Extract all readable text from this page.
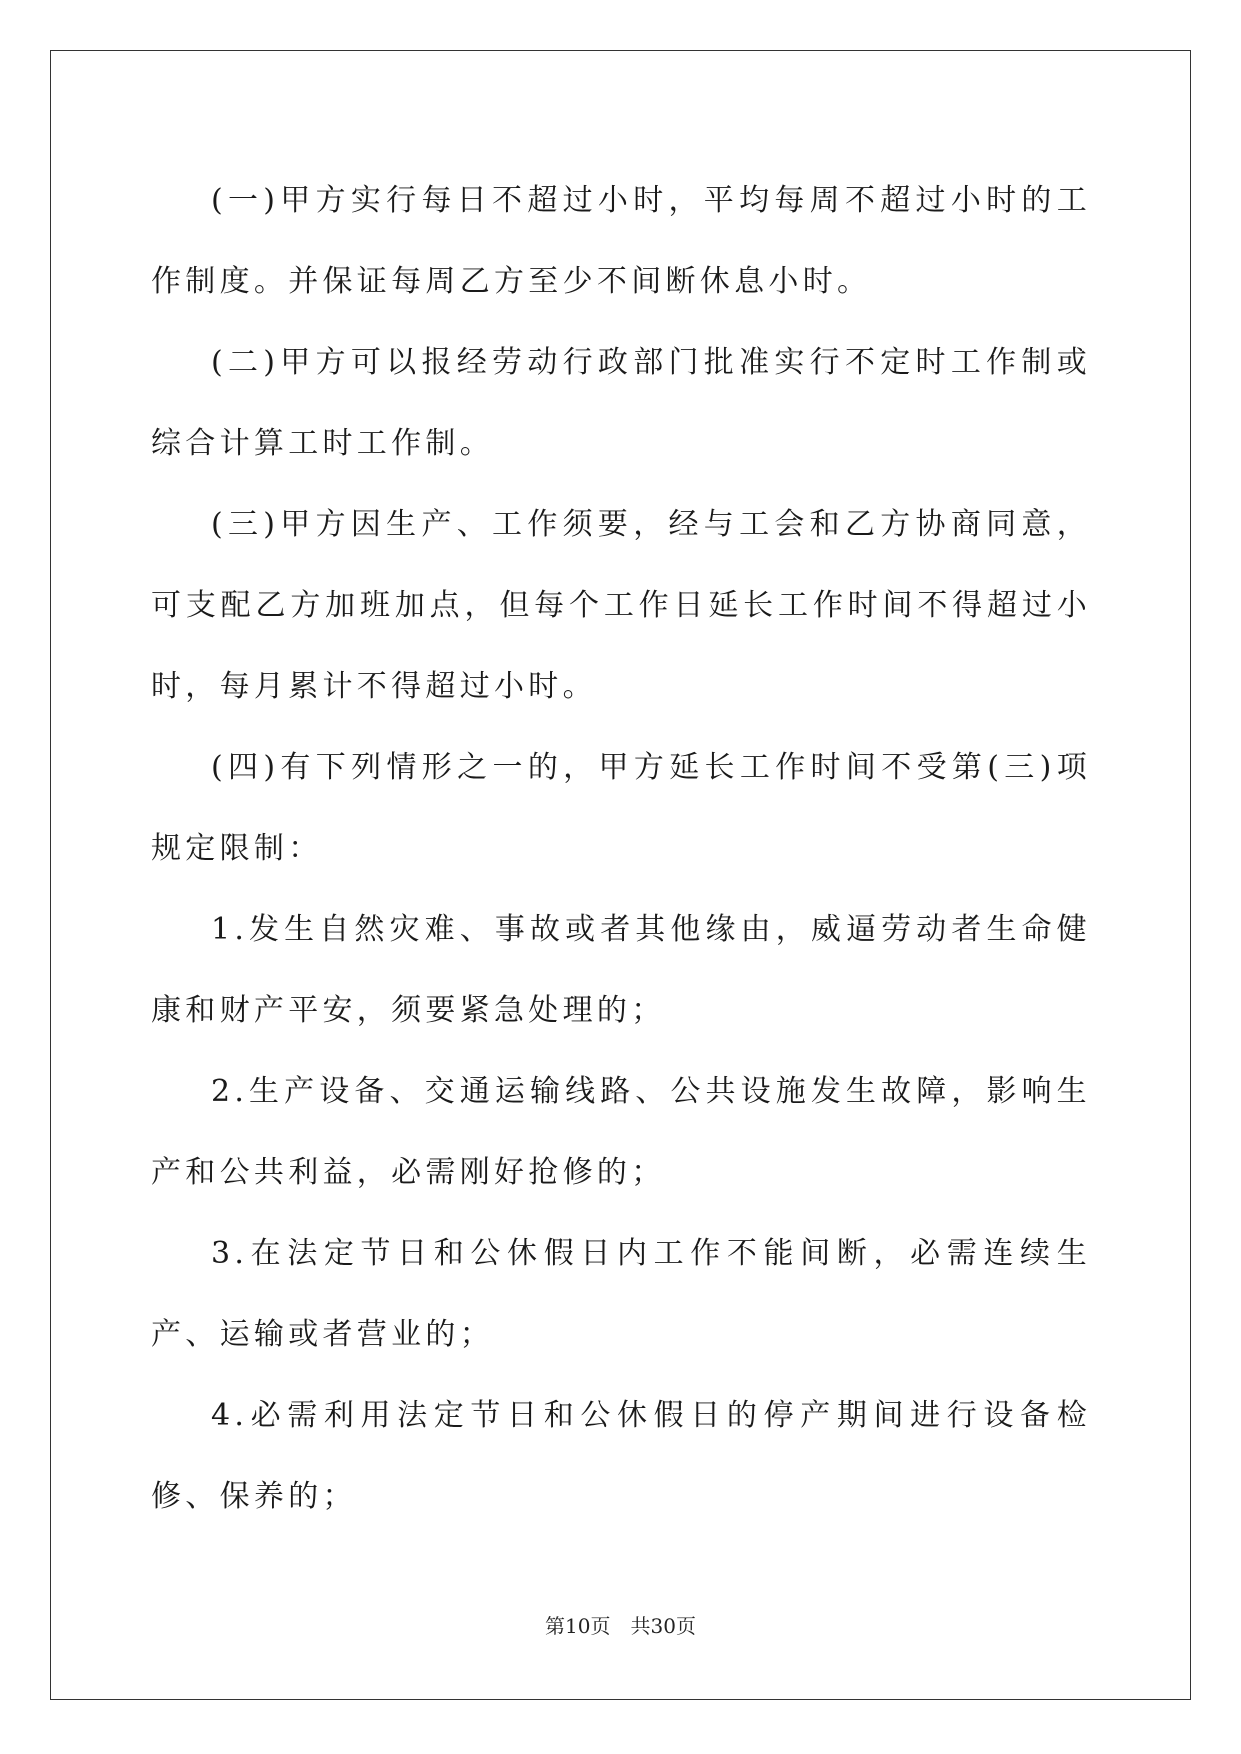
(一)甲方实行每日不超过小时，平均每周不超过小时的工作制度。并保证每周乙方至少不间断休息小时。

(二)甲方可以报经劳动行政部门批准实行不定时工作制或综合计算工时工作制。

(三)甲方因生产、工作须要，经与工会和乙方协商同意，可支配乙方加班加点，但每个工作日延长工作时间不得超过小时，每月累计不得超过小时。

(四)有下列情形之一的，甲方延长工作时间不受第(三)项规定限制：

1.发生自然灾难、事故或者其他缘由，威逼劳动者生命健康和财产平安，须要紧急处理的；

2.生产设备、交通运输线路、公共设施发生故障，影响生产和公共利益，必需刚好抢修的；

3.在法定节日和公休假日内工作不能间断，必需连续生产、运输或者营业的；

4.必需利用法定节日和公休假日的停产期间进行设备检修、保养的；

第10页 共30页
